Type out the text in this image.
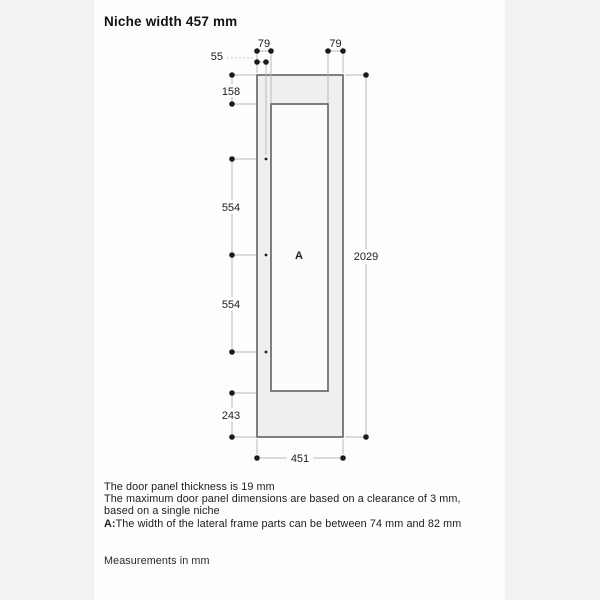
Niche width 457 mm
79	79
55
158
554
554
243
2029
451
A
The door panel thickness is 19 mm
The maximum door panel dimensions are based on a clearance of 3 mm,
based on a single niche
A:The width of the lateral frame parts can be between 74 mm and 82 mm
Measurements in mm
